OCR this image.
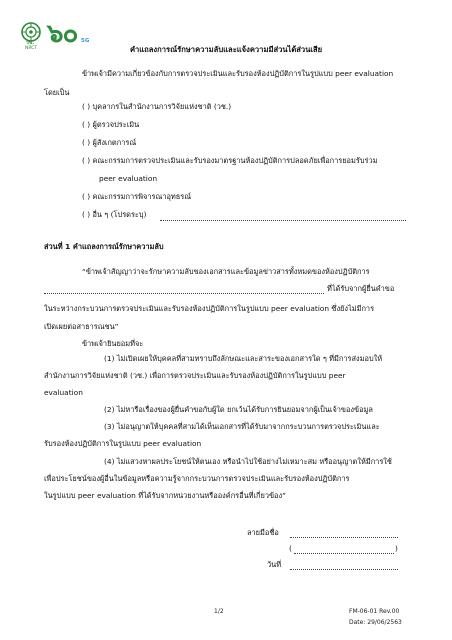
วช.
NRCT ๖๐ 5G
คำแถลงการณ์รักษาความลับและแจ้งความมีส่วนได้ส่วนเสีย
ข้าพเจ้ามีความเกี่ยวข้องกับการตรวจประเมินและรับรองห้องปฏิบัติการในรูปแบบ peer evaluation
โดยเป็น
( ) บุคลากรในสำนักงานการวิจัยแห่งชาติ (วช.)
( ) ผู้ตรวจประเมิน
( ) ผู้สังเกตการณ์
( ) คณะกรรมการตรวจประเมินและรับรองมาตรฐานห้องปฏิบัติการปลอดภัยเพื่อการยอมรับร่วม
peer evaluation
( ) คณะกรรมการพิจารณาอุทธรณ์
( ) อื่น ๆ (โปรดระบุ)
ส่วนที่ 1 คำแถลงการณ์รักษาความลับ
“ข้าพเจ้าสัญญาว่าจะรักษาความลับของเอกสารและข้อมูลข่าวสารทั้งหมดของห้องปฏิบัติการ
ที่ได้รับจากผู้ยื่นคำขอ
ในระหว่างกระบวนการตรวจประเมินและรับรองห้องปฏิบัติการในรูปแบบ peer evaluation ซึ่งยังไม่มีการ
เปิดเผยต่อสาธารณชน”
ข้าพเจ้ายินยอมที่จะ
(1) ไม่เปิดเผยให้บุคคลที่สามทราบถึงลักษณะและสาระของเอกสารใด ๆ ที่มีการส่งมอบให้
สำนักงานการวิจัยแห่งชาติ (วช.) เพื่อการตรวจประเมินและรับรองห้องปฏิบัติการในรูปแบบ peer
evaluation
(2) ไม่หารือเรื่องของผู้ยื่นคำขอกับผู้ใด ยกเว้นได้รับการยินยอมจากผู้เป็นเจ้าของข้อมูล
(3) ไม่อนุญาตให้บุคคลที่สามได้เห็นเอกสารที่ได้รับมาจากกระบวนการตรวจประเมินและ
รับรองห้องปฏิบัติการในรูปแบบ peer evaluation
(4) ไม่แสวงหาผลประโยชน์ให้ตนเอง หรือนำไปใช้อย่างไม่เหมาะสม หรืออนุญาตให้มีการใช้
เพื่อประโยชน์ของผู้อื่นในข้อมูลหรือความรู้จากกระบวนการตรวจประเมินและรับรองห้องปฏิบัติการ
ในรูปแบบ peer evaluation ที่ได้รับจากหน่วยงานหรือองค์กรอื่นที่เกี่ยวข้อง”
ลายมือชื่อ
(	)
วันที่
1/2	FM-06-01 Rev.00
Date: 29/06/2563
